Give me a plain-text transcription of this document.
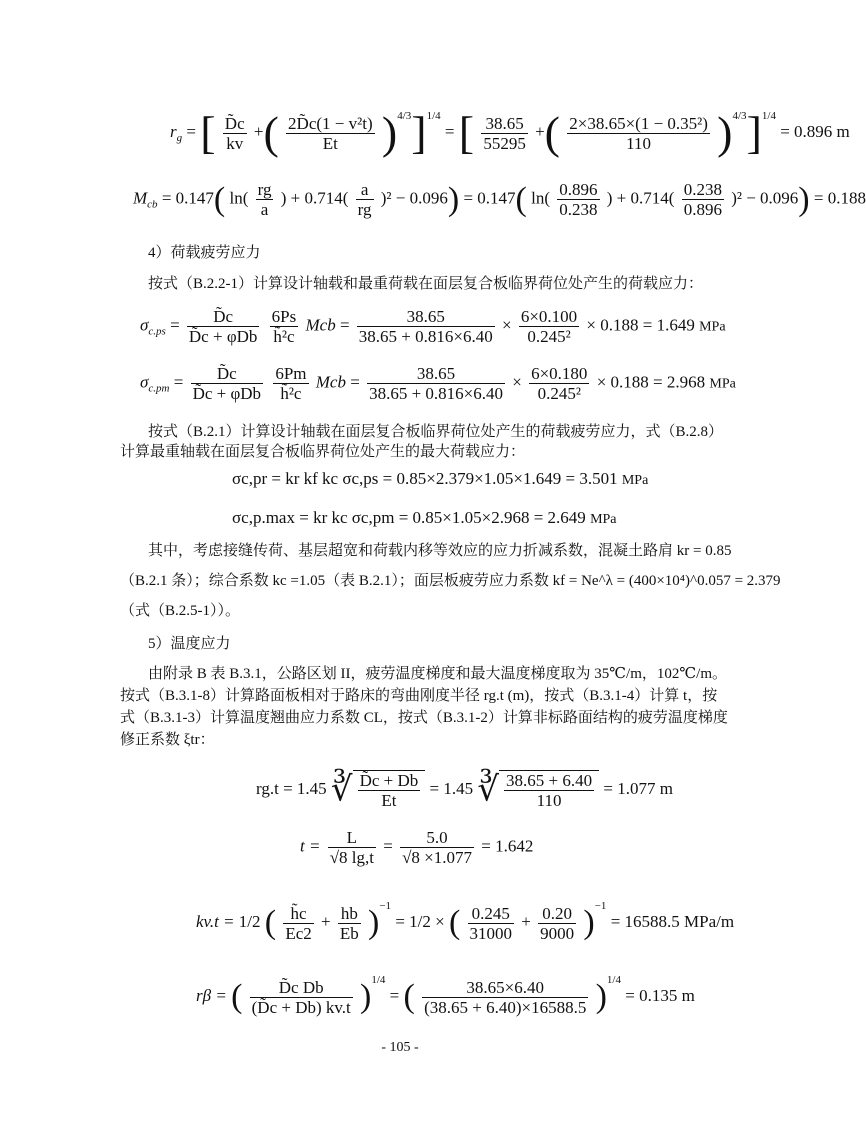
$r_g$ = [ $\frac{D̃c}{kv}$ +( $\frac{\text{2D̃c(1 − v²t)}}{Et} )^{4/3}]^{1/4}$ = [ $\frac{38.65}{55295}$ +( $\frac{\text{2×38.65×(1 − 0.35²)}}{110} )^{4/3}]^{1/4} = 0.896$ m
$M_{cb} = 0.147$( $\ln( \frac{rg}{a}$ ) + $0.714( \frac{a}{rg} )^2 - 0.096) = 0.147$( $\ln( \frac{0.896}{0.238}$ ) + $0.714( \frac{0.238}{0.896} )^2 - 0.096) = 0.188$
4）荷载疲劳应力
按式（B.2.2-1）计算设计轴载和最重荷载在面层复合板临界荷位处产生的荷载应力：
$\sigma_{c.ps} = \frac{D̃c}{\text{D̃c + φDb}}$
$\frac{6Ps}{\text{h̃²c}}$ Mcb = $\frac{38.65}{38.65 + 0.816\times 6.40} \times \frac{6\times 0.100}{\text{0.245²}} \times 0.188 = 1.649$ MPa
$\sigma_{c.pm} = \frac{D̃c}{\text{D̃c + φDb}}$
$\frac{6Pm}{\text{h̃²c}}$ Mcb = $\frac{38.65}{38.65 + 0.816\times 6.40} \times \frac{6\times 0.180}{\text{0.245²}} \times 0.188 = 2.968$ MPa
按式（B.2.1）计算设计轴载在面层复合板临界荷位处产生的荷载疲劳应力，式（B.2.8）
计算最重轴载在面层复合板临界荷位处产生的最大荷载应力：
σc,pr = kr kf kc σc,ps = 0.85×2.379×1.05×1.649 = 3.501 MPa
σc,p.max = kr kc σc,pm = 0.85×1.05×2.968 = 2.649 MPa
其中，考虑接缝传荷、基层超宽和荷载内移等效应的应力折减系数，混凝土路肩 kr = 0.85
（B.2.1 条）；综合系数 kc =1.05（表 B.2.1）；面层板疲劳应力系数 kf = Ne^λ = (400×10⁴)^0.057 = 2.379
（式（B.2.5-1））。
5）温度应力
由附录 B 表 B.3.1，公路区划 II，疲劳温度梯度和最大温度梯度取为 35℃/m，102℃/m。
按式（B.3.1-8）计算路面板相对于路床的弯曲刚度半径 rg.t (m)，按式（B.3.1-4）计算 t，按
式（B.3.1-3）计算温度翘曲应力系数 CL，按式（B.3.1-2）计算非标路面结构的疲劳温度梯度
修正系数 ξtr：
rg.t = 1.45 ∛ $\frac{D̃c + Db}{Et} = 1.45$ ∛ $\frac{38.65 + 6.40}{110} = 1.077$ m
$t = \frac{L}{√8 \lg,t} = \frac{5.0}{√8 \times 1.077} = 1.642$
kv.t = 1/2 ( $\frac{h̃c}{Ec2} + \frac{hb}{Eb} )^{-1} = 1/2$ × ( $\frac{0.245}{31000} + \frac{0.20}{9000} )^{-1} = 16588.5$ MPa/m
rβ = ( $\frac{\text{D̃c Db}}{(D̃c + Db) kv.t} )^{1/4}$ = ( $\frac{38.65\times 6.40}{(38.65 + 6.40)\times 16588.5} )^{1/4} = 0.135$ m
- 105 -
